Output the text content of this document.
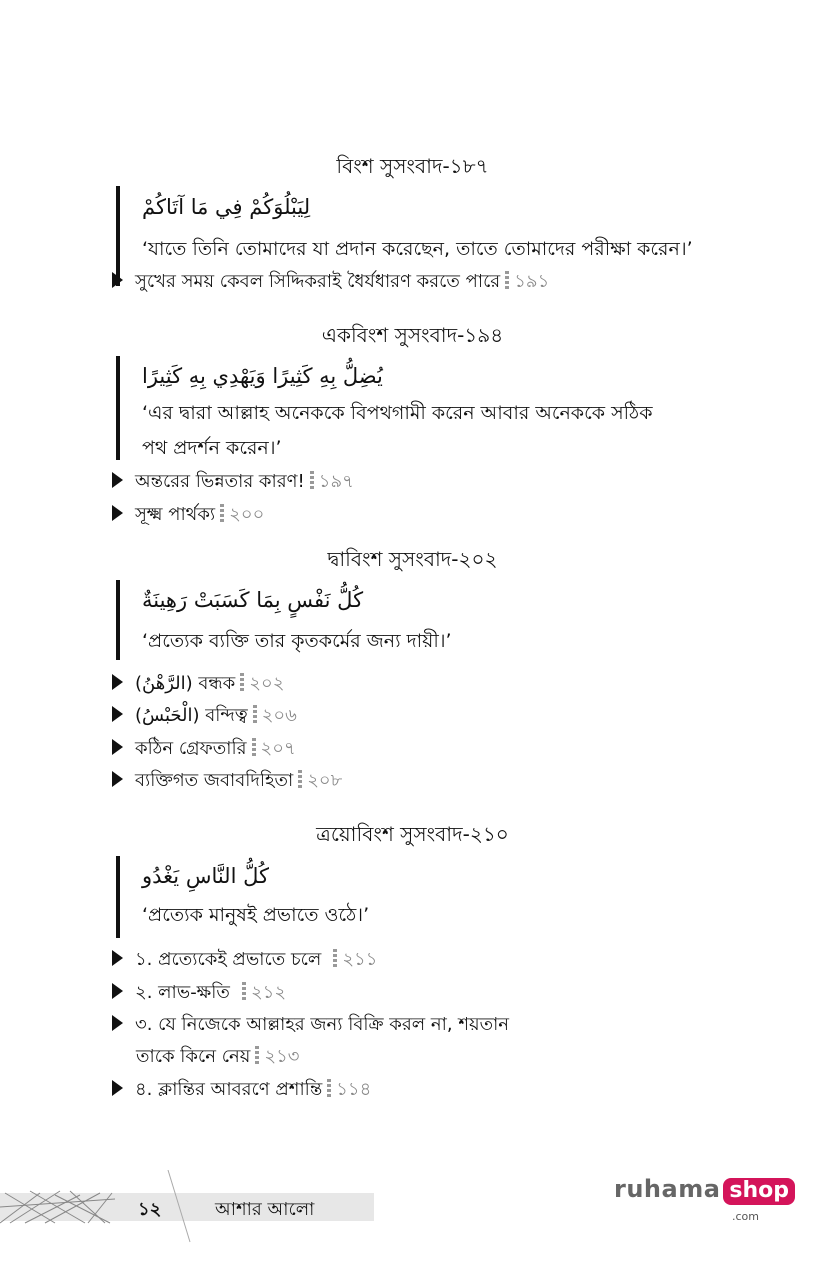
বিংশ সুসংবাদ-১৮৭
لِيَبْلُوَكُمْ فِي مَا آتَاكُمْ
‘যাতে তিনি তোমাদের যা প্রদান করেছেন, তাতে তোমাদের পরীক্ষা করেন।’
সুখের সময় কেবল সিদ্দিকরাই ধৈর্যধারণ করতে পারে ১৯১
একবিংশ সুসংবাদ-১৯৪
يُضِلُّ بِهِ كَثِيرًا وَيَهْدِي بِهِ كَثِيرًا
‘এর দ্বারা আল্লাহ অনেককে বিপথগামী করেন আবার অনেককে সঠিক
পথ প্রদর্শন করেন।’
অন্তরের ভিন্নতার কারণ! ১৯৭
সূক্ষ্ম পার্থক্য ২০০
দ্বাবিংশ সুসংবাদ-২০২
كُلُّ نَفْسٍ بِمَا كَسَبَتْ رَهِينَةٌ
‘প্রত্যেক ব্যক্তি তার কৃতকর্মের জন্য দায়ী।’
(الرَّهْنُ) বন্ধক ২০২
(الْحَبْسُ) বন্দিত্ব ২০৬
কঠিন গ্রেফতারি ২০৭
ব্যক্তিগত জবাবদিহিতা ২০৮
ত্রয়োবিংশ সুসংবাদ-২১০
كُلُّ النَّاسِ يَغْدُو
‘প্রত্যেক মানুষই প্রভাতে ওঠে।’
১. প্রত্যেকেই প্রভাতে চলে ২১১
২. লাভ-ক্ষতি ২১২
৩. যে নিজেকে আল্লাহর জন্য বিক্রি করল না, শয়তান
তাকে কিনে নেয় ২১৩
৪. ক্লান্তির আবরণে প্রশান্তি ১১৪
১২	আশার আলো
ruhama shop
.com
